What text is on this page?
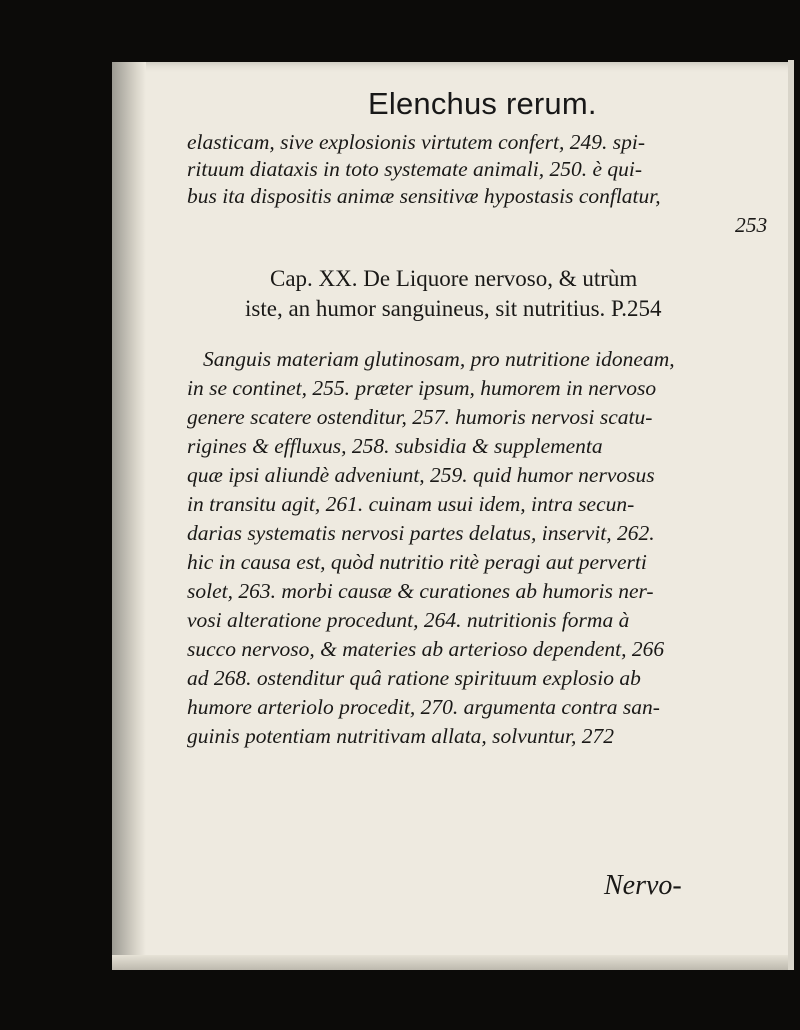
Elenchus rerum.
elasticam, sive explosionis virtutem confert, 249. spi-
rituum diataxis in toto systemate animali, 250. è qui-
bus ita dispositis animæ sensitivæ hypostasis conflatur,
253
Cap. XX. De Liquore nervoso, & utrùm
iste, an humor sanguineus, sit nutritius. P.254
Sanguis materiam glutinosam, pro nutritione idoneam,
in se continet, 255. præter ipsum, humorem in nervoso
genere scatere ostenditur, 257. humoris nervosi scatu-
rigines & effluxus, 258. subsidia & supplementa
quæ ipsi aliundè adveniunt, 259. quid humor nervosus
in transitu agit, 261. cuinam usui idem, intra secun-
darias systematis nervosi partes delatus, inservit, 262.
hic in causa est, quòd nutritio ritè peragi aut perverti
solet, 263. morbi causæ & curationes ab humoris ner-
vosi alteratione procedunt, 264. nutritionis forma à
succo nervoso, & materies ab arterioso dependent, 266
ad 268. ostenditur quâ ratione spirituum explosio ab
humore arteriolo procedit, 270. argumenta contra san-
guinis potentiam nutritivam allata, solvuntur, 272
Nervo-
